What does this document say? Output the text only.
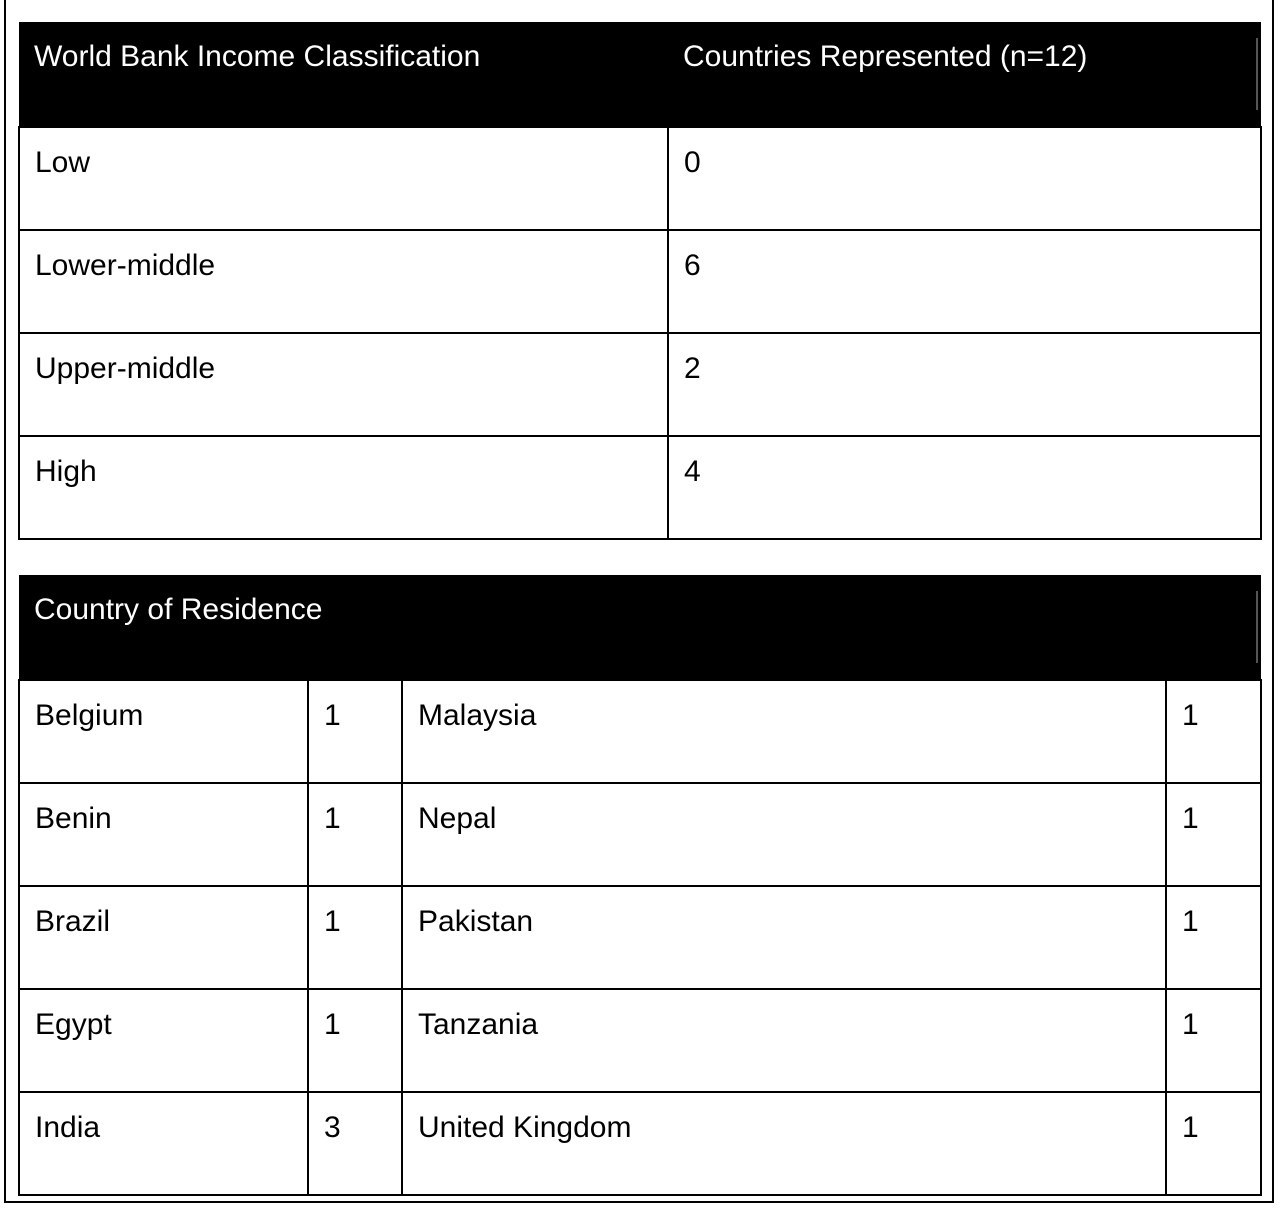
World Bank Income Classification	Countries Represented (n=12)
Low	0
Lower-middle	6
Upper-middle	2
High	4
Country of Residence			
Belgium	1	Malaysia	1
Benin	1	Nepal	1
Brazil	1	Pakistan	1
Egypt	1	Tanzania	1
India	3	United Kingdom	1
